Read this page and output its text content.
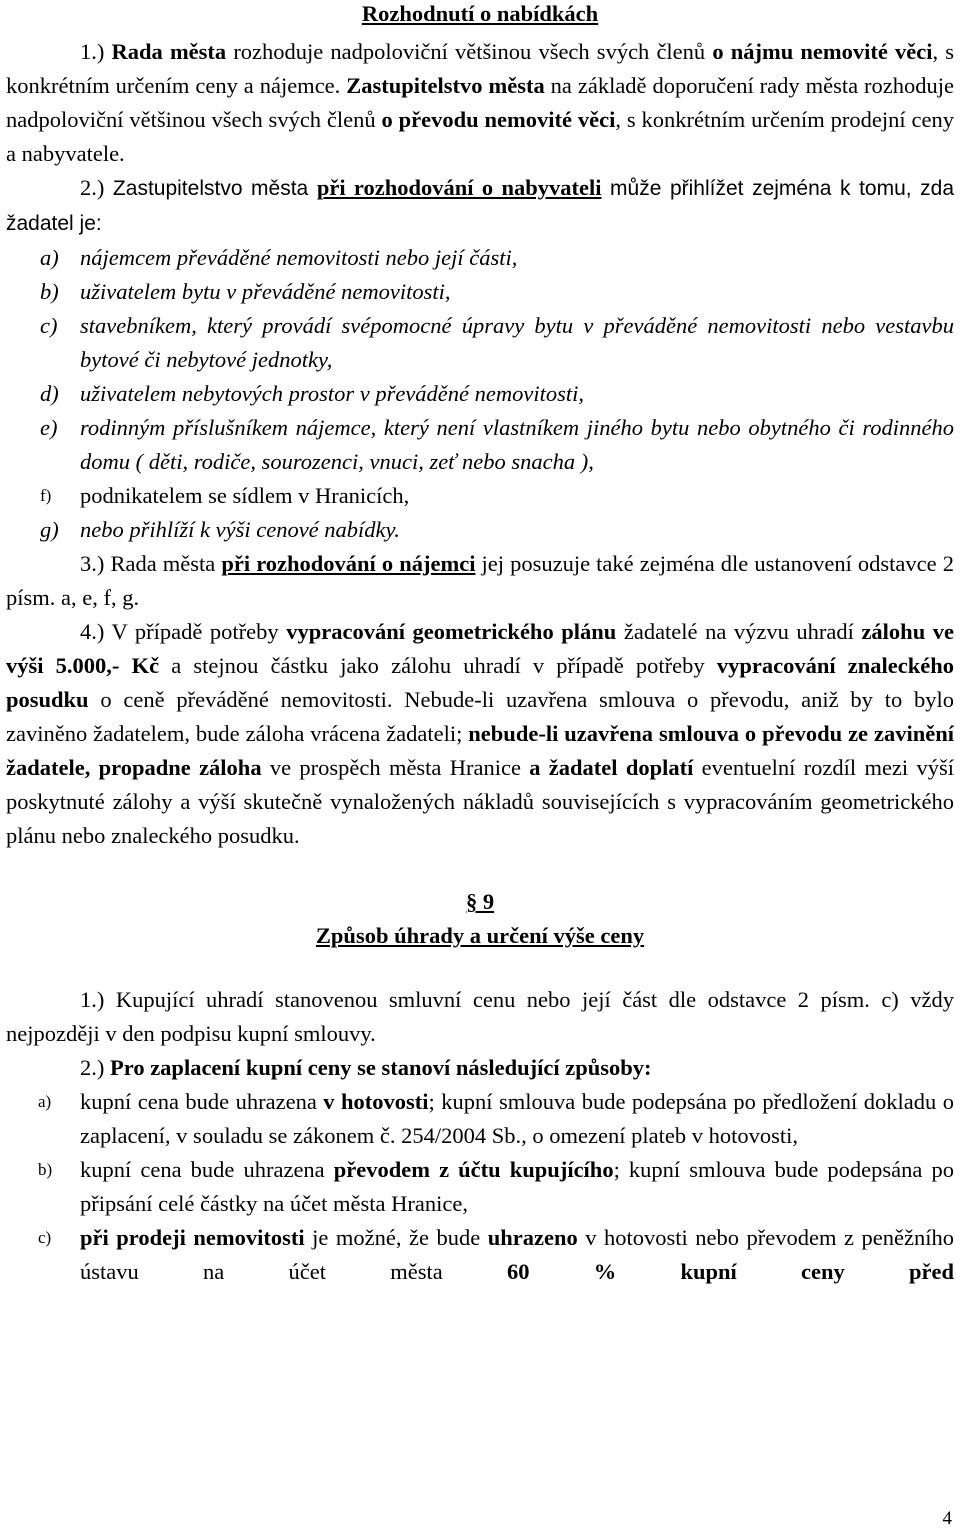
Rozhodnutí o nabídkách

1.) Rada města rozhoduje nadpoloviční většinou všech svých členů o nájmu nemovité věci, s konkrétním určením ceny a nájemce. Zastupitelstvo města na základě doporučení rady města rozhoduje nadpoloviční většinou všech svých členů o převodu nemovité věci, s konkrétním určením prodejní ceny a nabyvatele.

2.) Zastupitelstvo města při rozhodování o nabyvateli může přihlížet zejména k tomu, zda žadatel je:

a) nájemcem převáděné nemovitosti nebo její části,

b) uživatelem bytu v převáděné nemovitosti,

c) stavebníkem, který provádí svépomocné úpravy bytu v převáděné nemovitosti nebo vestavbu bytové či nebytové jednotky,

d) uživatelem nebytových prostor v převáděné nemovitosti,

e) rodinným příslušníkem nájemce, který není vlastníkem jiného bytu nebo obytného či rodinného domu ( děti, rodiče, sourozenci, vnuci, zeť nebo snacha ),

f) podnikatelem se sídlem v Hranicích,

g) nebo přihlíží k výši cenové nabídky.

3.) Rada města při rozhodování o nájemci jej posuzuje také zejména dle ustanovení odstavce 2 písm. a, e, f, g.

4.) V případě potřeby vypracování geometrického plánu žadatelé na výzvu uhradí zálohu ve výši 5.000,- Kč a stejnou částku jako zálohu uhradí v případě potřeby vypracování znaleckého posudku o ceně převáděné nemovitosti. Nebude-li uzavřena smlouva o převodu, aniž by to bylo zaviněno žadatelem, bude záloha vrácena žadateli; nebude-li uzavřena smlouva o převodu ze zavinění žadatele, propadne záloha ve prospěch města Hranice a žadatel doplatí eventuelní rozdíl mezi výší poskytnuté zálohy a výší skutečně vynaložených nákladů souvisejících s vypracováním geometrického plánu nebo znaleckého posudku.

§ 9

Způsob úhrady a určení výše ceny

1.) Kupující uhradí stanovenou smluvní cenu nebo její část dle odstavce 2 písm. c) vždy nejpozději v den podpisu kupní smlouvy.

2.) Pro zaplacení kupní ceny se stanoví následující způsoby:

a) kupní cena bude uhrazena v hotovosti; kupní smlouva bude podepsána po předložení dokladu o zaplacení, v souladu se zákonem č. 254/2004 Sb., o omezení plateb v hotovosti,

b) kupní cena bude uhrazena převodem z účtu kupujícího; kupní smlouva bude podepsána po připsání celé částky na účet města Hranice,

c) při prodeji nemovitosti je možné, že bude uhrazeno v hotovosti nebo převodem z peněžního ústavu na účet města 60 % kupní ceny před

4
